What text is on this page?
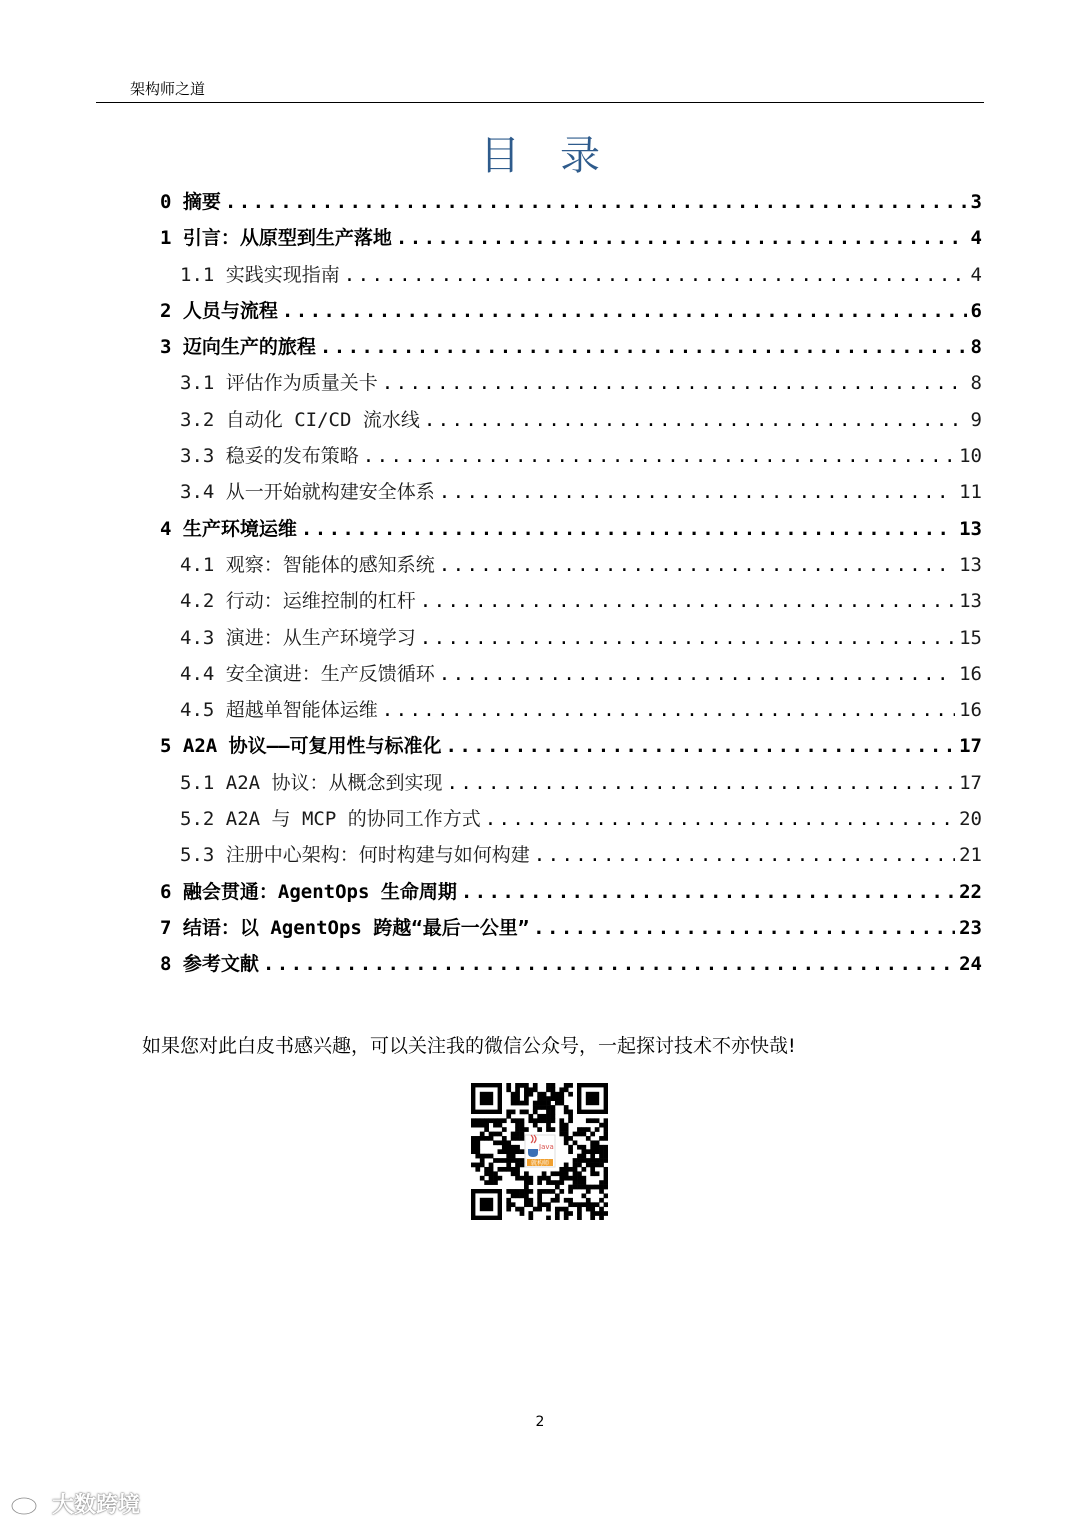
架构师之道
目录
0 摘要 .....	3
1 引言：从原型到生产落地 .....	4
1.1 实践实现指南 .....	4
2 人员与流程 .....	6
3 迈向生产的旅程 .....	8
3.1 评估作为质量关卡 .....	8
3.2 自动化 CI/CD 流水线 .....	9
3.3 稳妥的发布策略 .....	10
3.4 从一开始就构建安全体系 .....	11
4 生产环境运维 .....	13
4.1 观察：智能体的感知系统 .....	13
4.2 行动：运维控制的杠杆 .....	13
4.3 演进：从生产环境学习 .....	15
4.4 安全演进：生产反馈循环 .....	16
4.5 超越单智能体运维 .....	16
5 A2A 协议——可复用性与标准化 .....	17
5.1 A2A 协议：从概念到实现 .....	17
5.2 A2A 与 MCP 的协同工作方式 .....	20
5.3 注册中心架构：何时构建与如何构建 .....	21
6 融会贯通：AgentOps 生命周期 .....	22
7 结语：以 AgentOps 跨越“最后一公里” .....	23
8 参考文献 .....	24
如果您对此白皮书感兴趣，可以关注我的微信公众号，一起探讨技术不亦快哉!
Java
就构师
2
大数跨境
